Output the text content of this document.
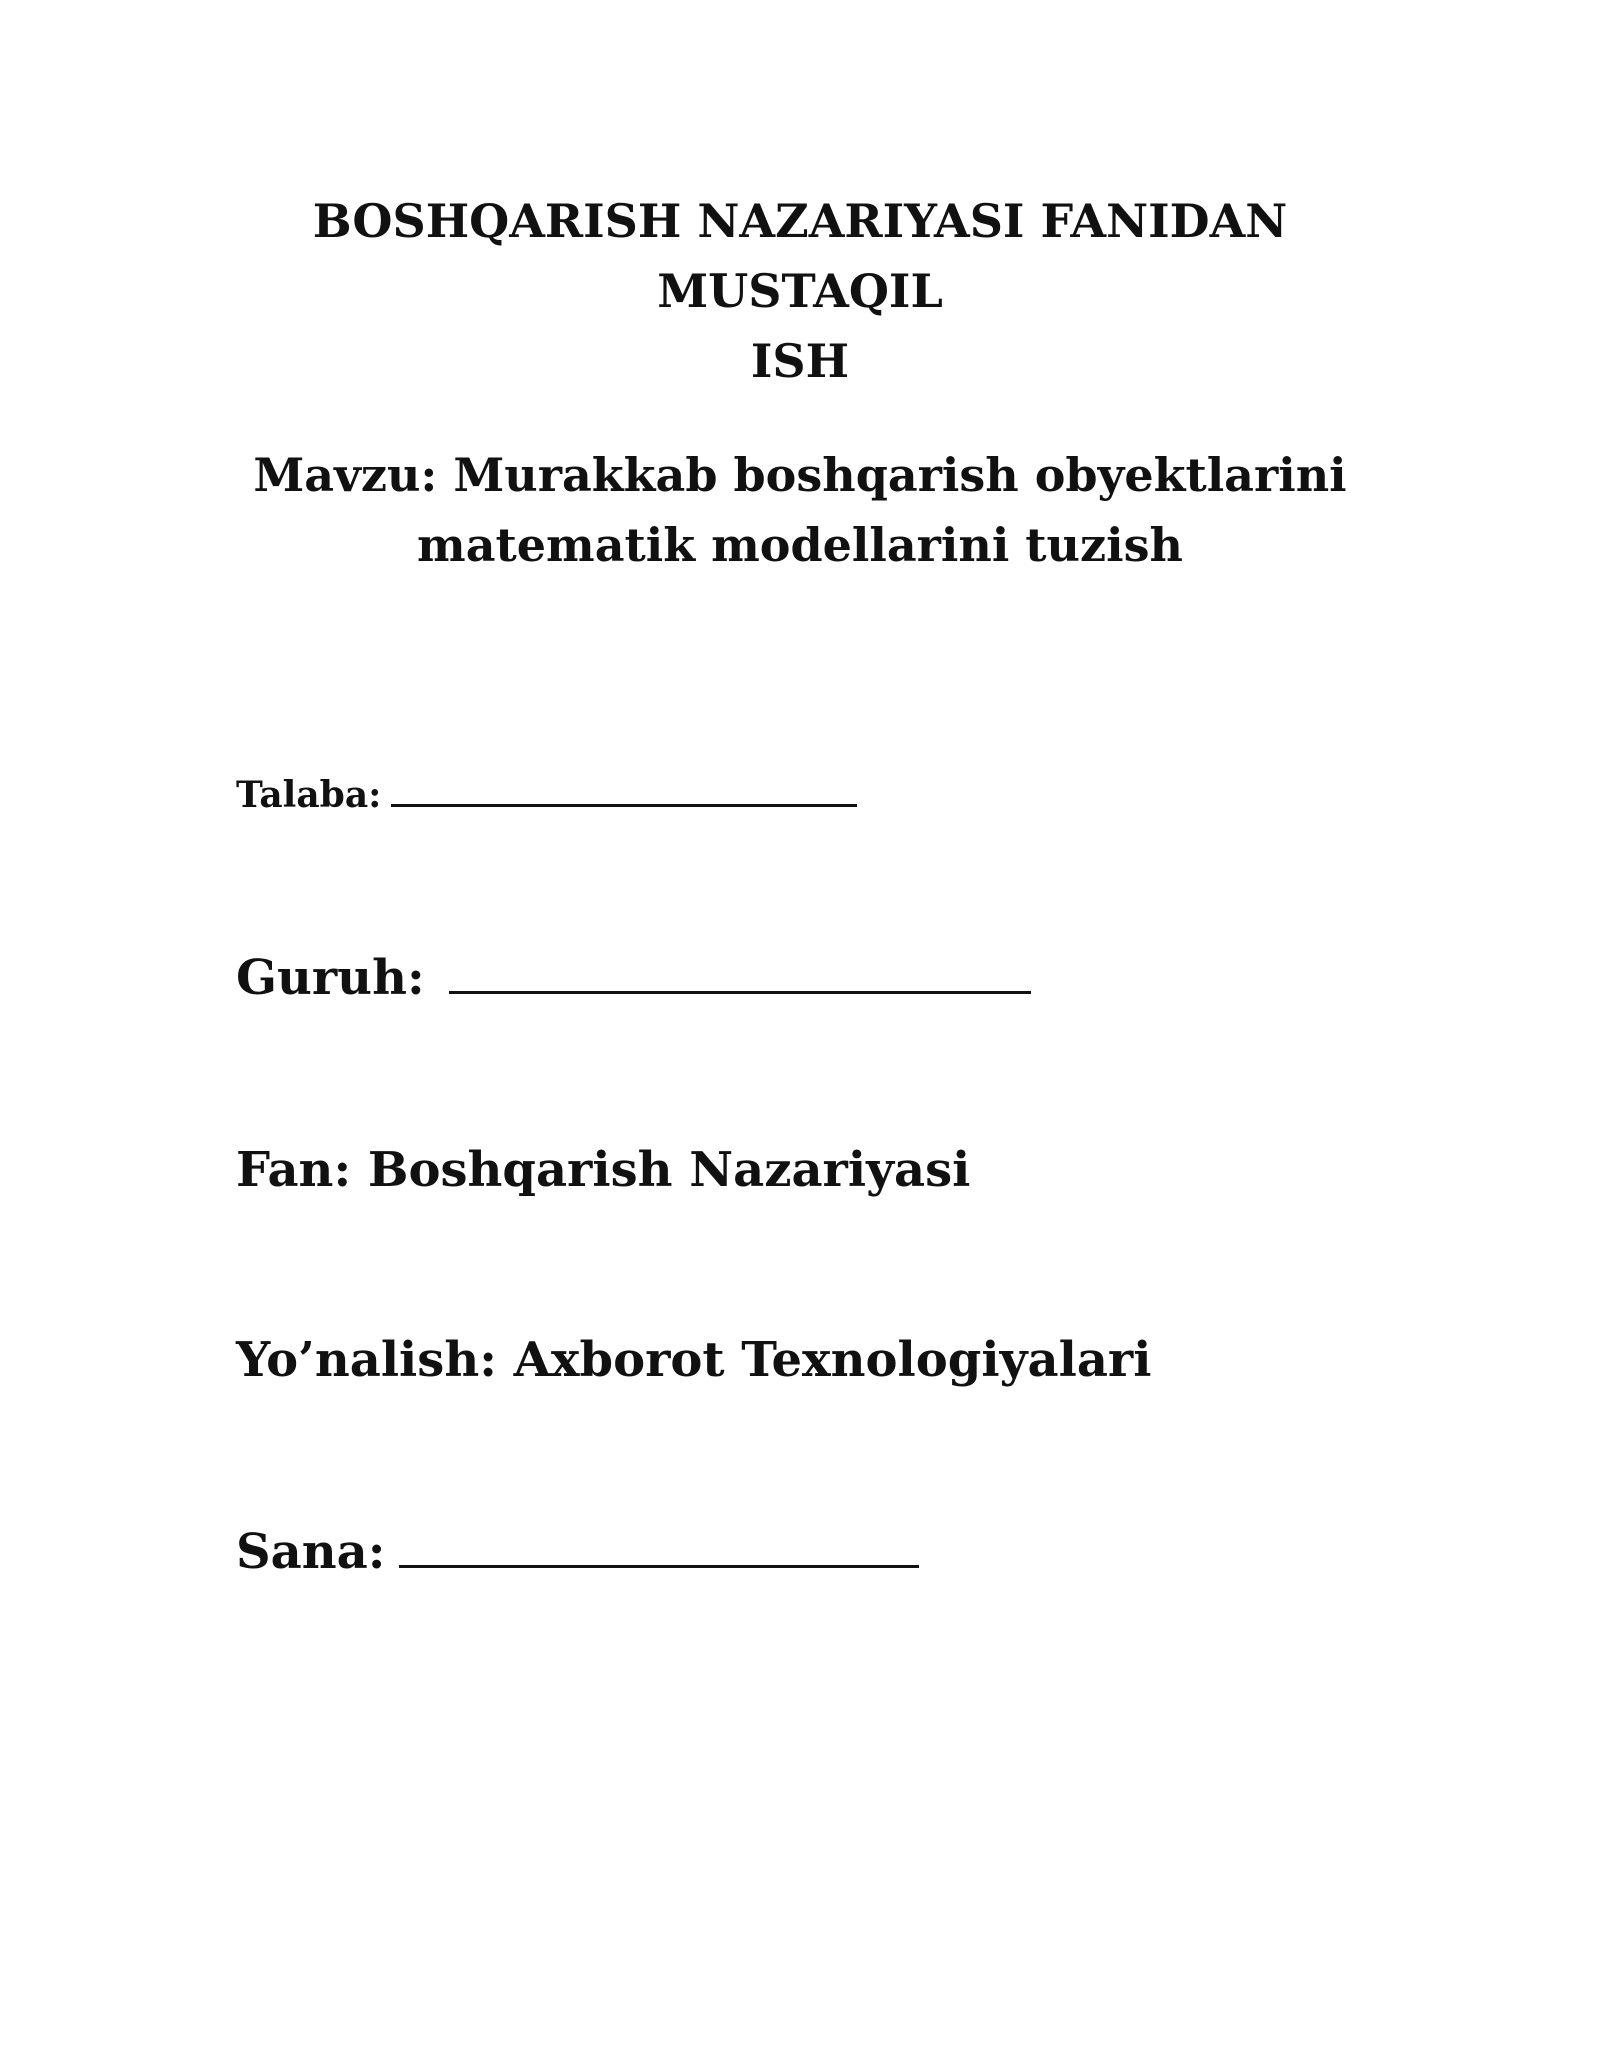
BOSHQARISH NAZARIYASI FANIDAN MUSTAQIL
ISH
Mavzu: Murakkab boshqarish obyektlarini
matematik modellarini tuzish
Talaba:
Guruh:
Fan: Boshqarish Nazariyasi
Yo’nalish: Axborot Texnologiyalari
Sana:
